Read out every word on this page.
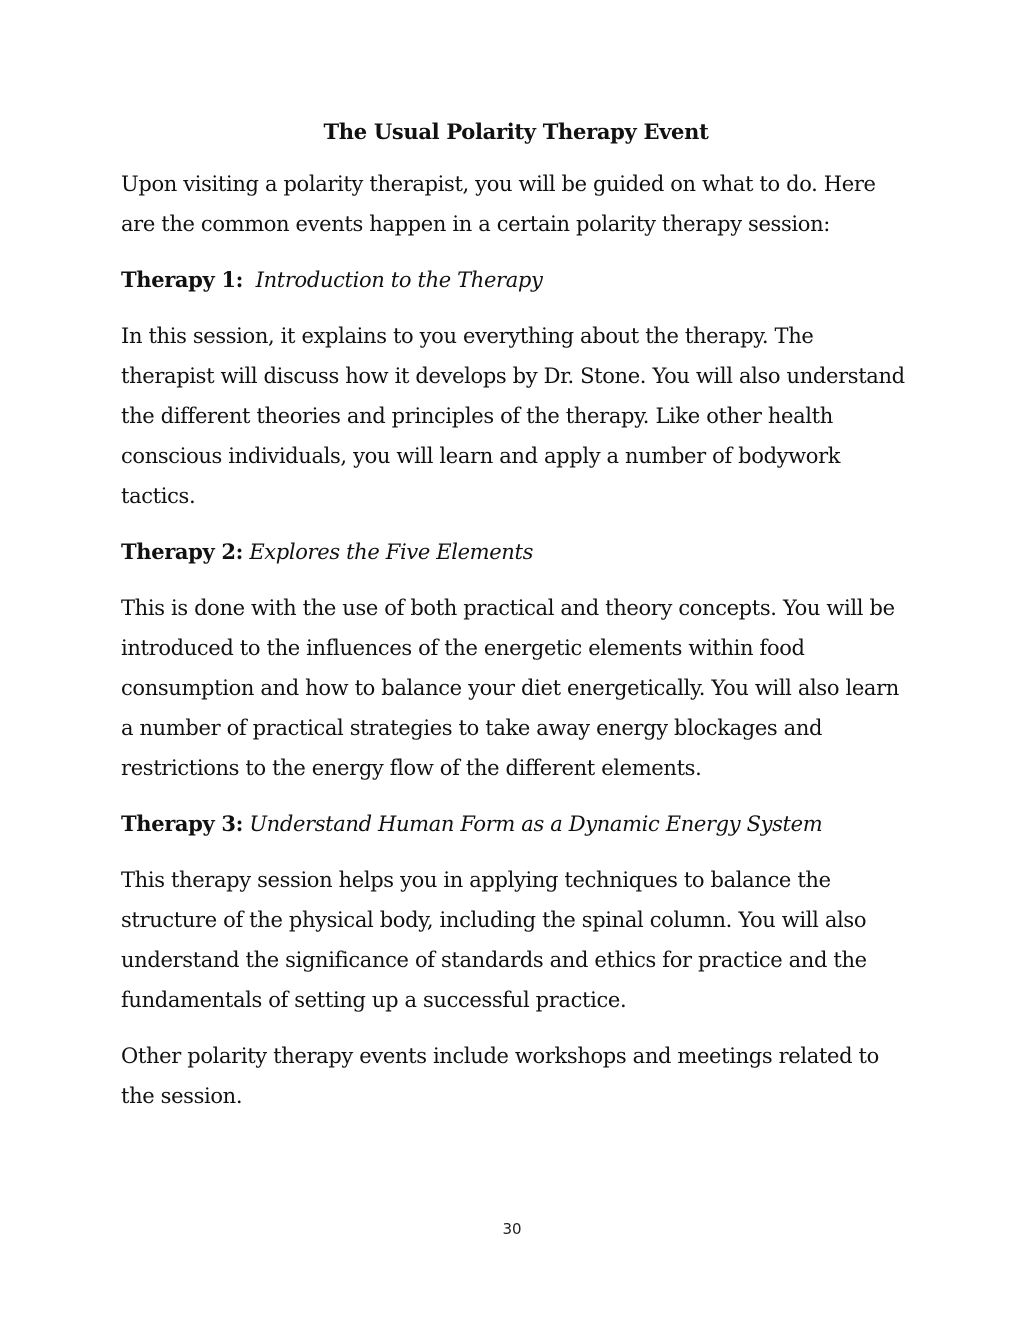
The Usual Polarity Therapy Event

Upon visiting a polarity therapist, you will be guided on what to do. Here are the common events happen in a certain polarity therapy session:

Therapy 1: Introduction to the Therapy

In this session, it explains to you everything about the therapy. The therapist will discuss how it develops by Dr. Stone. You will also understand the different theories and principles of the therapy. Like other health conscious individuals, you will learn and apply a number of bodywork tactics.

Therapy 2: Explores the Five Elements

This is done with the use of both practical and theory concepts. You will be introduced to the influences of the energetic elements within food consumption and how to balance your diet energetically. You will also learn a number of practical strategies to take away energy blockages and restrictions to the energy flow of the different elements.

Therapy 3: Understand Human Form as a Dynamic Energy System

This therapy session helps you in applying techniques to balance the structure of the physical body, including the spinal column. You will also understand the significance of standards and ethics for practice and the fundamentals of setting up a successful practice.

Other polarity therapy events include workshops and meetings related to the session.

30
